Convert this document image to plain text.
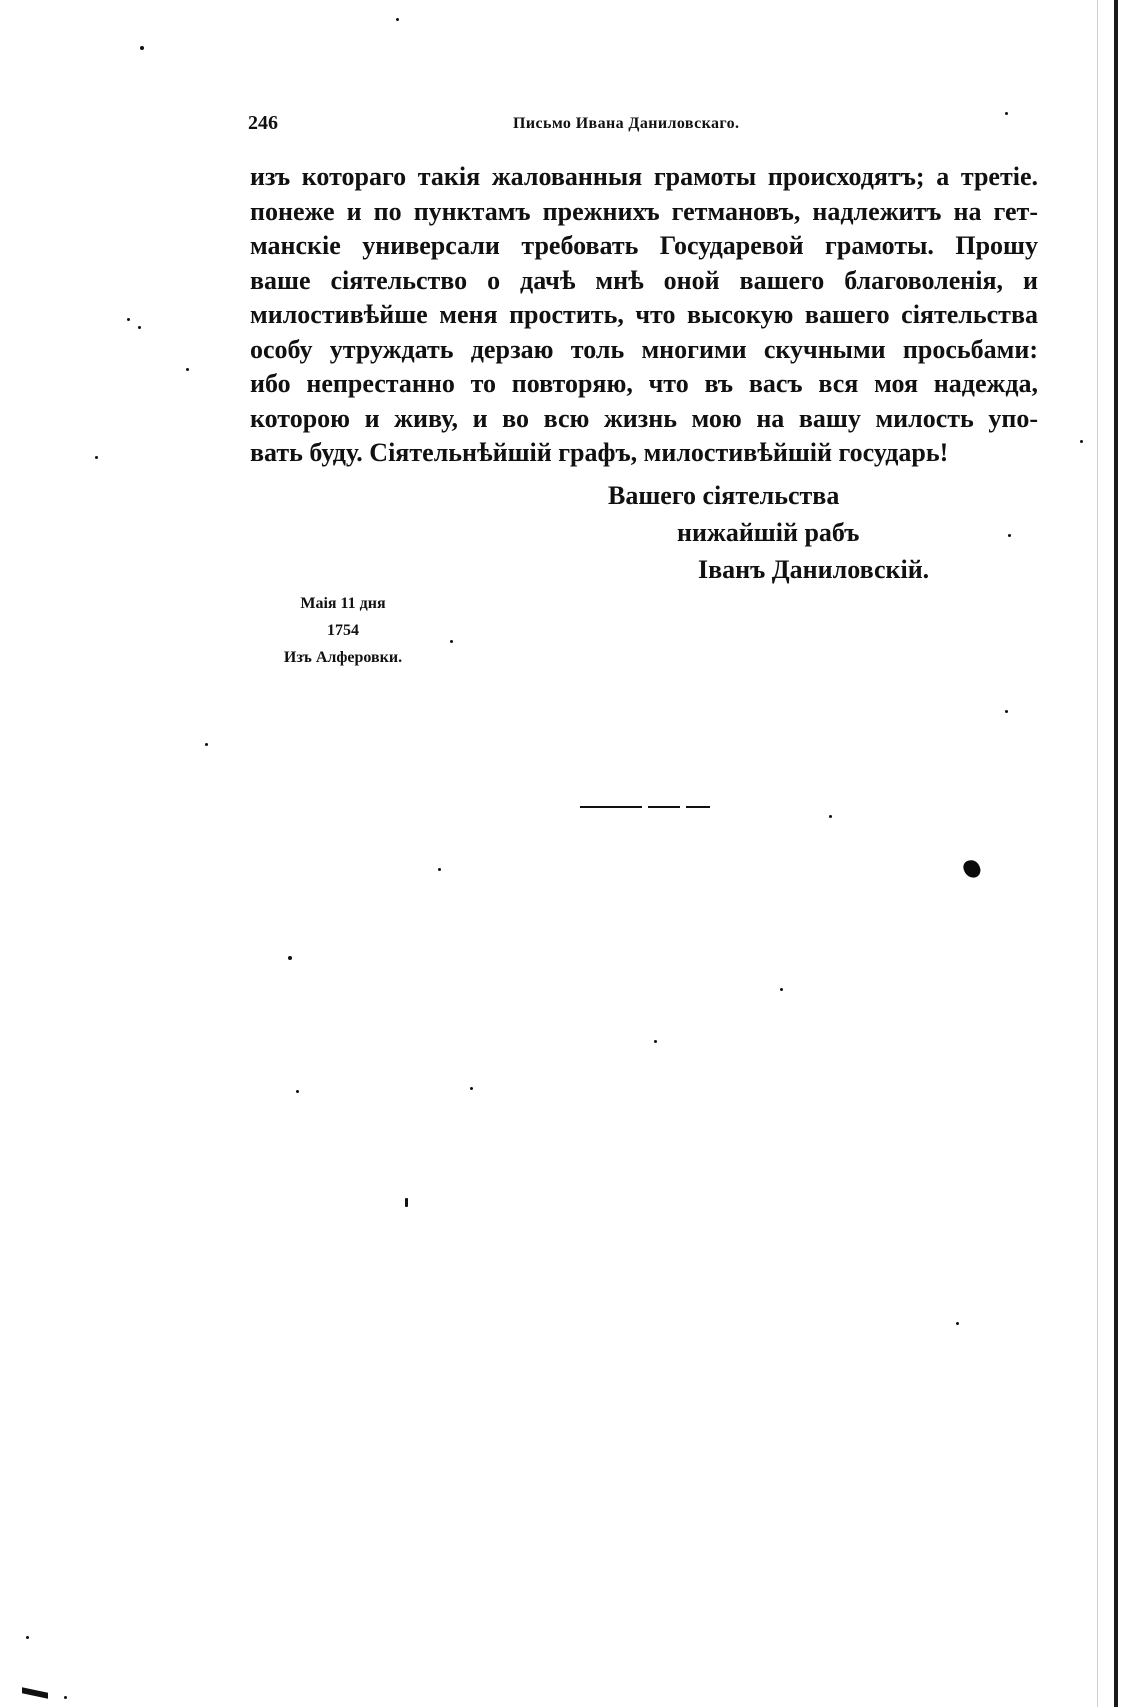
246	Письмо Ивана Даниловскаго.
изъ котораго такія жалованныя грамоты происходятъ; а третіе.
понеже и по пунктамъ прежнихъ гетмановъ, надлежитъ на гет-
манскіе универсали требовать Государевой грамоты. Прошу
ваше сіятельство о дачѣ мнѣ оной вашего благоволенія, и
милостивѣйше меня простить, что высокую вашего сіятельства
особу утруждать дерзаю толь многими скучными просьбами:
ибо непрестанно то повторяю, что въ васъ вся моя надежда,
которою и живу, и во всю жизнь мою на вашу милость упо-
вать буду. Сіятельнѣйшій графъ, милостивѣйшій государь!
Вашего сіятельства
нижайшій рабъ
Іванъ Даниловскій.
Маія 11 дня
1754
Изъ Алферовки.
